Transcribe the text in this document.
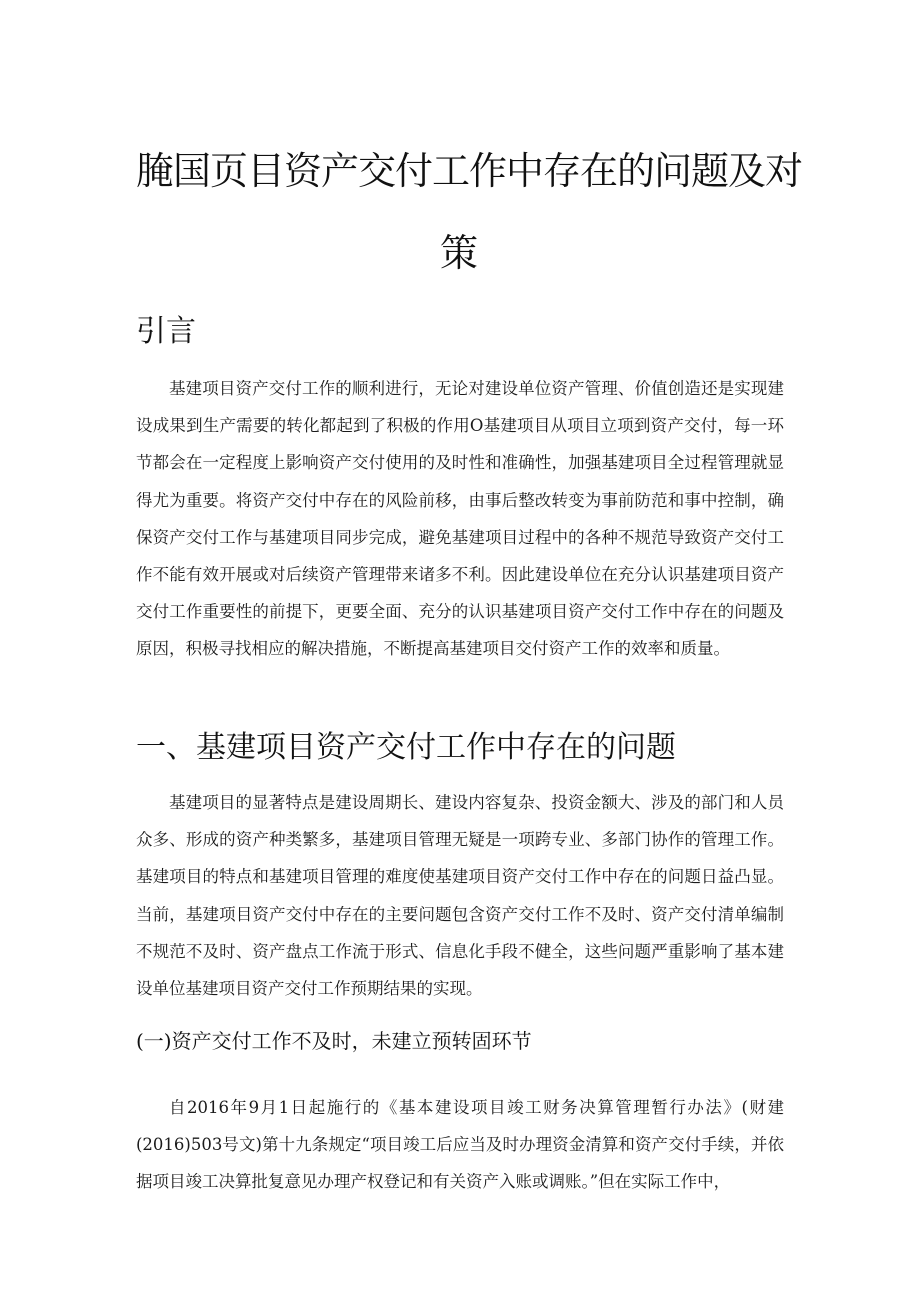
腌国页目资产交付工作中存在的问题及对
策
引言

基建项目资产交付工作的顺利进行，无论对建设单位资产管理、价值创造还是实现建设成果到生产需要的转化都起到了积极的作用O基建项目从项目立项到资产交付，每一环节都会在一定程度上影响资产交付使用的及时性和准确性，加强基建项目全过程管理就显得尤为重要。将资产交付中存在的风险前移，由事后整改转变为事前防范和事中控制，确保资产交付工作与基建项目同步完成，避免基建项目过程中的各种不规范导致资产交付工作不能有效开展或对后续资产管理带来诸多不利。因此建设单位在充分认识基建项目资产交付工作重要性的前提下，更要全面、充分的认识基建项目资产交付工作中存在的问题及原因，积极寻找相应的解决措施，不断提高基建项目交付资产工作的效率和质量。

一、基建项目资产交付工作中存在的问题

基建项目的显著特点是建设周期长、建设内容复杂、投资金额大、涉及的部门和人员众多、形成的资产种类繁多，基建项目管理无疑是一项跨专业、多部门协作的管理工作。基建项目的特点和基建项目管理的难度使基建项目资产交付工作中存在的问题日益凸显。当前，基建项目资产交付中存在的主要问题包含资产交付工作不及时、资产交付清单编制不规范不及时、资产盘点工作流于形式、信息化手段不健全，这些问题严重影响了基本建设单位基建项目资产交付工作预期结果的实现。

(一)资产交付工作不及时，未建立预转固环节

自2016年9月1日起施行的《基本建设项目竣工财务决算管理暂行办法》(财建(2016)503号文)第十九条规定“项目竣工后应当及时办理资金清算和资产交付手续，并依据项目竣工决算批复意见办理产权登记和有关资产入账或调账。”但在实际工作中，
